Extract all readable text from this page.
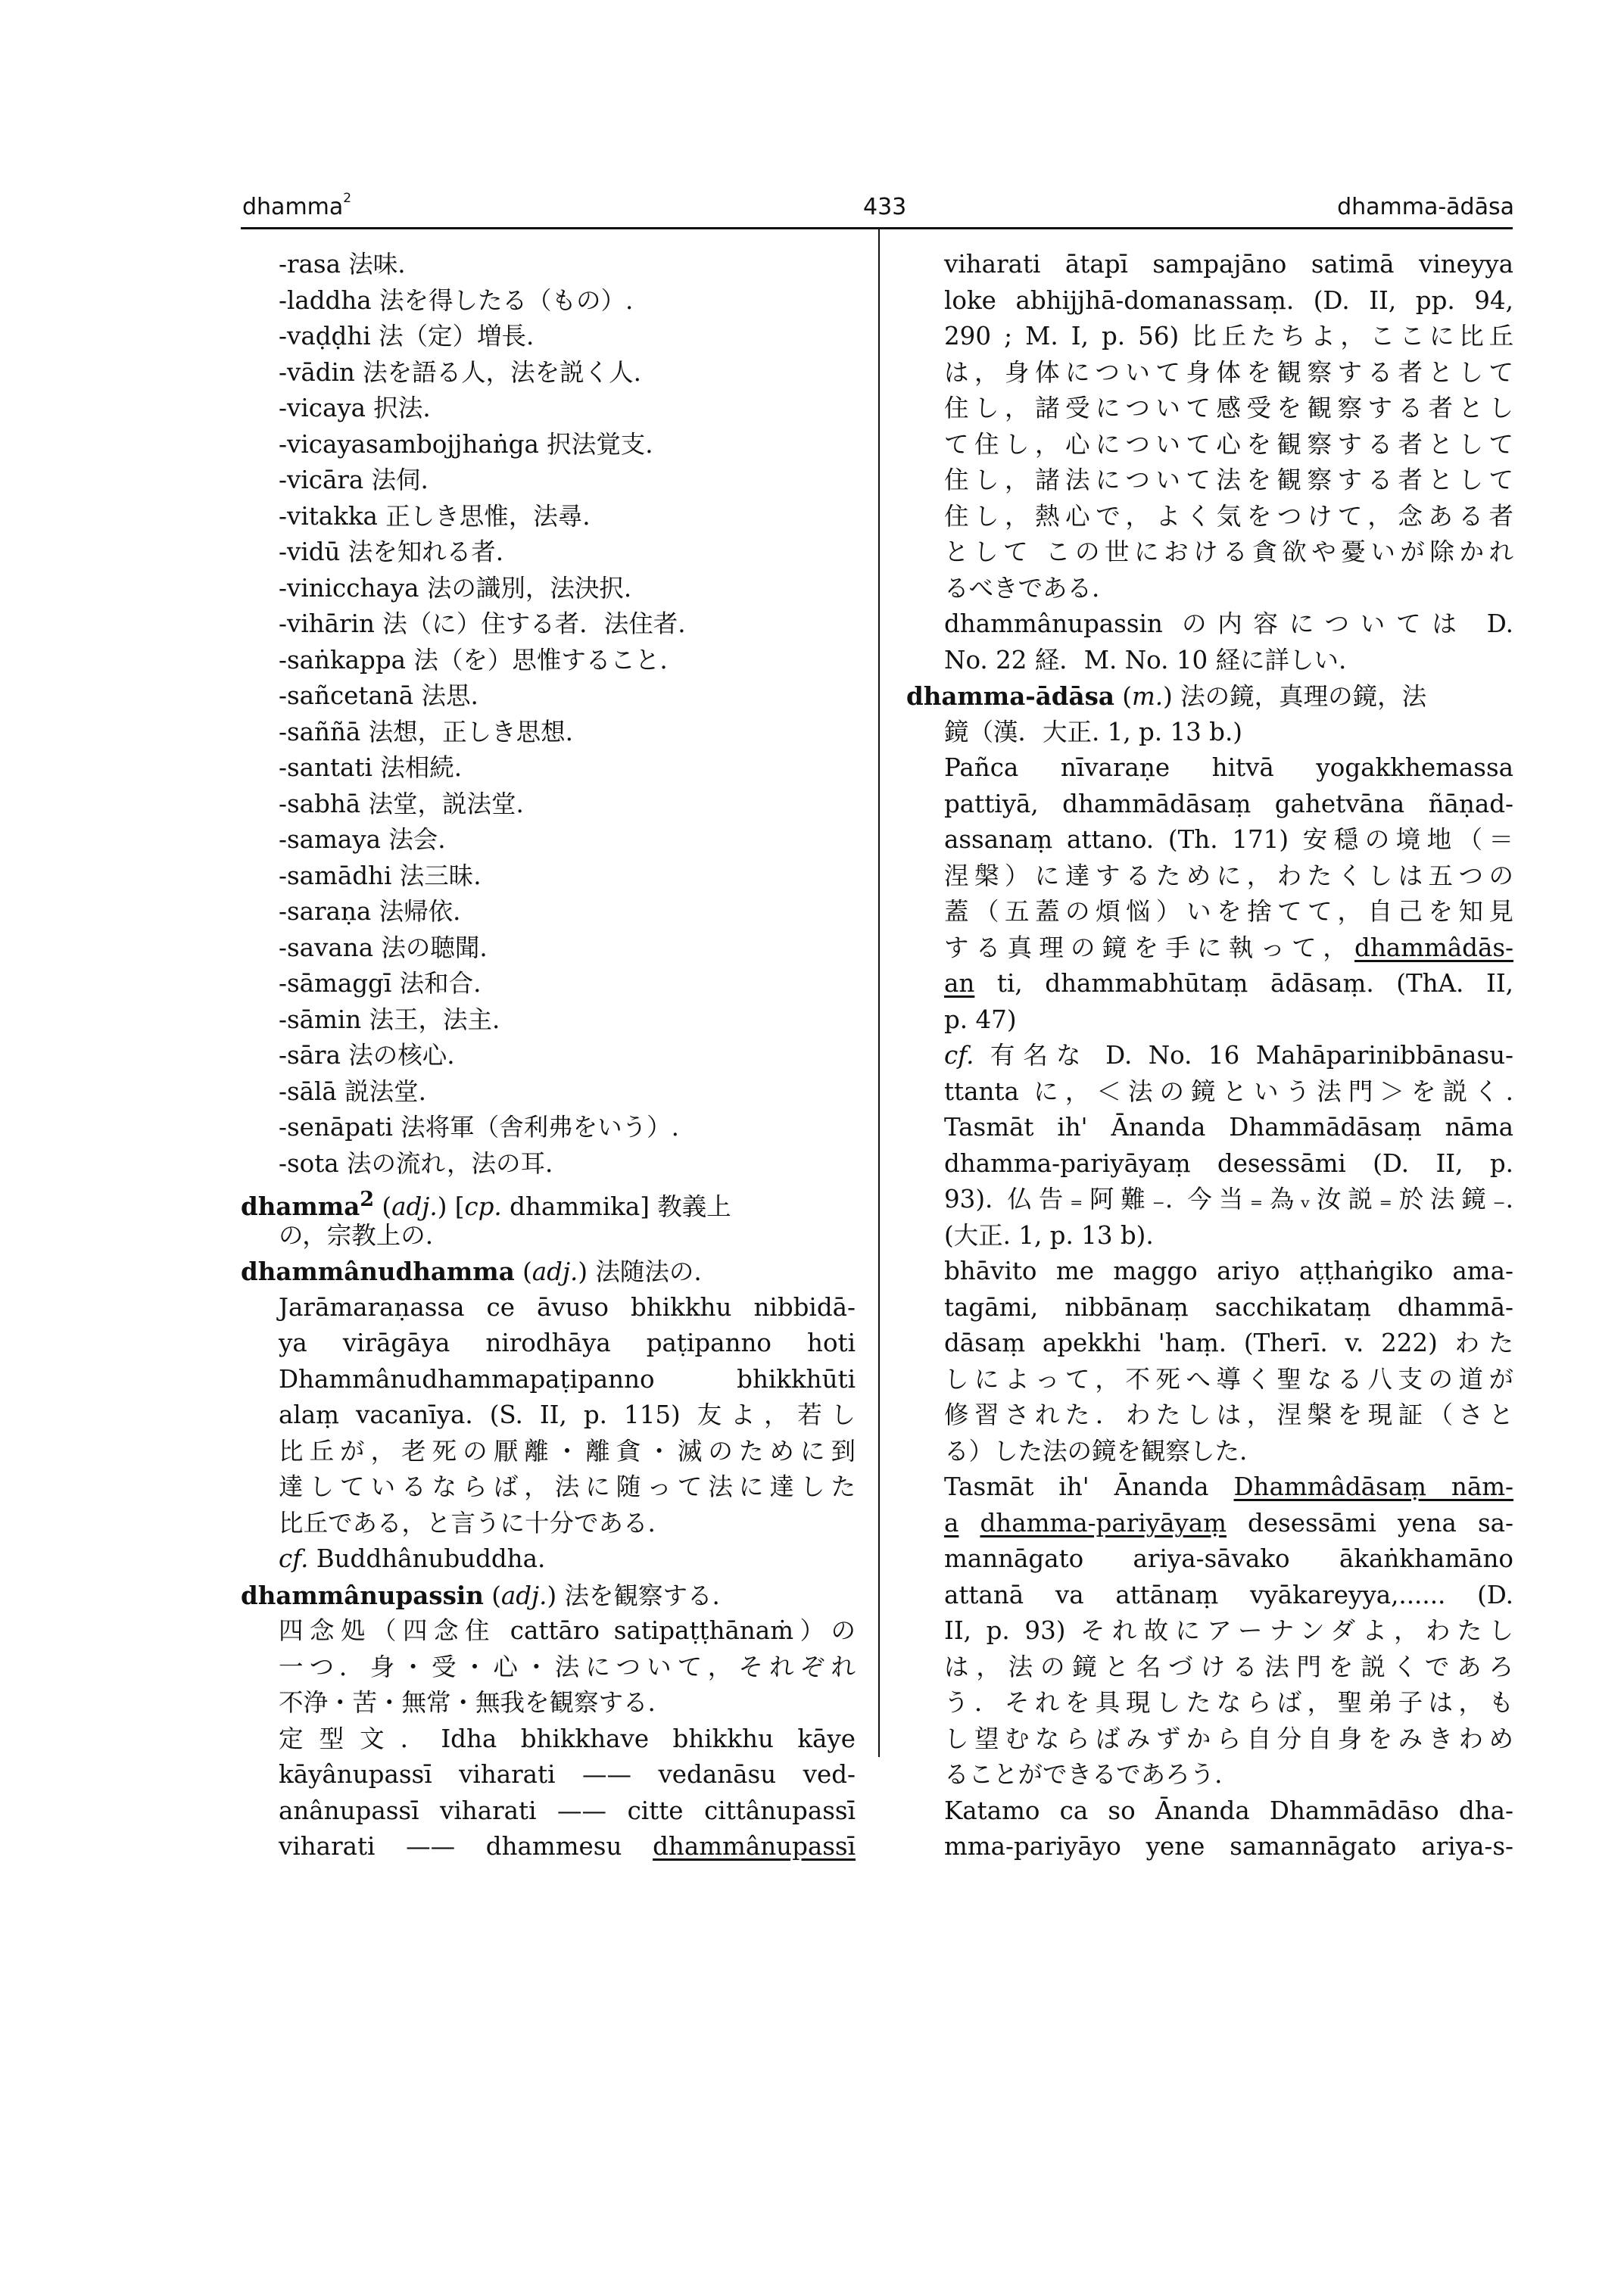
dhamma$^2$	433	dhamma-ādāsa
-rasa 法味.
-laddha 法を得したる（もの）.
-vaḍḍhi 法（定）増長.
-vādin 法を語る人，法を説く人.
-vicaya 択法.
-vicayasambojjhaṅga 択法覚支.
-vicāra 法伺.
-vitakka 正しき思惟，法尋.
-vidū 法を知れる者.
-vinicchaya 法の識別，法決択.
-vihārin 法（に）住する者．法住者.
-saṅkappa 法（を）思惟すること.
-sañcetanā 法思.
-saññā 法想，正しき思想.
-santati 法相続.
-sabhā 法堂，説法堂.
-samaya 法会.
-samādhi 法三昧.
-saraṇa 法帰依.
-savana 法の聴聞.
-sāmaggī 法和合.
-sāmin 法王，法主.
-sāra 法の核心.
-sālā 説法堂.
-senāpati 法将軍（舎利弗をいう）.
-sota 法の流れ，法の耳.
dhamma$^2$ (adj.) [cp. dhammika] 教義上
の，宗教上の.
dhammânudhamma (adj.) 法随法の.
Jarāmaraṇassa ce āvuso bhikkhu nibbidā-
ya virāgāya nirodhāya paṭipanno hoti
Dhammânudhammapaṭipanno bhikkhūti
alaṃ vacanīya. (S. II, p. 115) 友よ，若し
比丘が，老死の厭離・離貪・滅のために到
達しているならば，法に随って法に達した
比丘である，と言うに十分である.
cf. Buddhânubuddha.
dhammânupassin (adj.) 法を観察する.
四念処（四念住 cattāro satipaṭṭhānaṁ）の
一つ．身・受・心・法について，それぞれ
不浄・苦・無常・無我を観察する.
定型文．Idha bhikkhave bhikkhu kāye
kāyânupassī viharati —— vedanāsu ved-
anânupassī viharati —— citte cittânupassī
viharati —— dhammesu dhammânupassī
viharati ātapī sampajāno satimā vineyya
loke abhijjhā-domanassaṃ. (D. II, pp. 94,
290 ; M. I, p. 56) 比丘たちよ，ここに比丘
は，身体について身体を観察する者として
住し，諸受について感受を観察する者とし
て住し，心について心を観察する者として
住し，諸法について法を観察する者として
住し，熱心で，よく気をつけて，念ある者
として この世における貪欲や憂いが除かれ
るべきである.
dhammânupassin の内容については D.
No. 22 経．M. No. 10 経に詳しい.
dhamma-ādāsa (m.) 法の鏡，真理の鏡，法
鏡（漢．大正. 1, p. 13 b.)
Pañca nīvaraṇe hitvā yogakkhemassa
pattiyā, dhammādāsaṃ gahetvāna ñāṇad-
assanaṃ attano. (Th. 171) 安穏の境地（＝
涅槃）に達するために，わたくしは五つの
蓋（五蓋の煩悩）いを捨てて，自己を知見
する真理の鏡を手に執って，dhammâdās-
an ti, dhammabhūtaṃ ādāsaṃ. (ThA. II,
p. 47)
cf. 有名な D. No. 16 Mahāparinibbānasu-
ttanta に，＜法の鏡という法門＞を説く.
Tasmāt ih' Ānanda Dhammādāsaṃ nāma
dhamma-pariyāyaṃ desessāmi (D. II, p.
93). 仏告₌阿難₋. 今当₌為ᵥ汝説₌於法鏡₋.
(大正. 1, p. 13 b).
bhāvito me maggo ariyo aṭṭhaṅgiko ama-
tagāmi, nibbānaṃ sacchikataṃ dhammā-
dāsaṃ apekkhi 'haṃ. (Therī. v. 222) わた
しによって，不死へ導く聖なる八支の道が
修習された．わたしは，涅槃を現証（さと
る）した法の鏡を観察した.
Tasmāt ih' Ānanda Dhammâdāsaṃ nām-
a dhamma-pariyāyaṃ desessāmi yena sa-
mannāgato ariya-sāvako ākaṅkhamāno
attanā va attānaṃ vyākareyya,...... (D.
II, p. 93) それ故にアーナンダよ，わたし
は，法の鏡と名づける法門を説くであろ
う．それを具現したならば，聖弟子は，も
し望むならばみずから自分自身をみきわめ
ることができるであろう.
Katamo ca so Ānanda Dhammādāso dha-
mma-pariyāyo yene samannāgato ariya-s-
